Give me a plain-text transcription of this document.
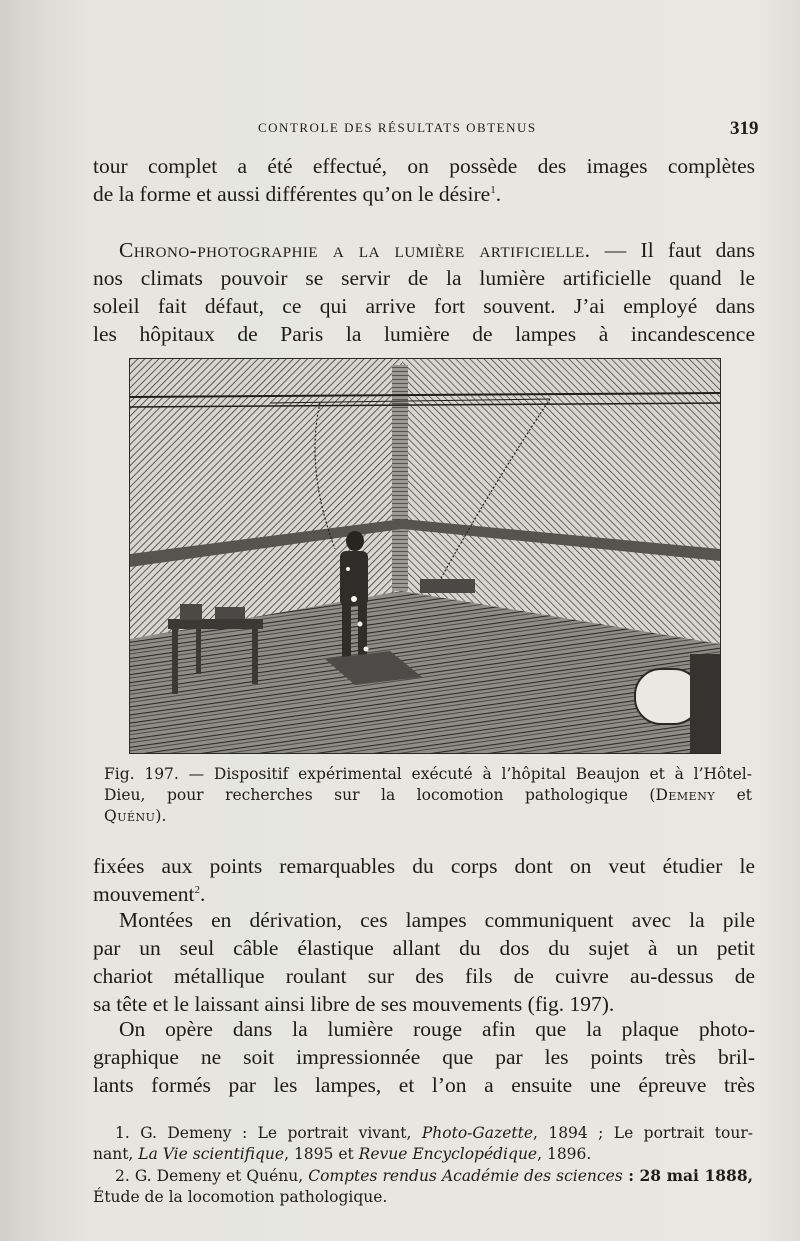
CONTROLE DES RÉSULTATS OBTENUS	319
tour complet a été effectué, on possède des images complètes
de la forme et aussi différentes qu’on le désire$^1$.
Chrono-photographie a la lumière artificielle. — Il faut dans
nos climats pouvoir se servir de la lumière artificielle quand le
soleil fait défaut, ce qui arrive fort souvent. J’ai employé dans
les hôpitaux de Paris la lumière de lampes à incandescence
Fig. 197. — Dispositif expérimental exécuté à l’hôpital Beaujon et à l’Hôtel-
Dieu, pour recherches sur la locomotion pathologique (Demeny et
Quénu).
fixées aux points remarquables du corps dont on veut étudier le
mouvement$^2$.
Montées en dérivation, ces lampes communiquent avec la pile
par un seul câble élastique allant du dos du sujet à un petit
chariot métallique roulant sur des fils de cuivre au-dessus de
sa tête et le laissant ainsi libre de ses mouvements (fig. 197).
On opère dans la lumière rouge afin que la plaque photo-
graphique ne soit impressionnée que par les points très bril-
lants formés par les lampes, et l’on a ensuite une épreuve très
1. G. Demeny : Le portrait vivant, Photo-Gazette, 1894 ; Le portrait tour-
nant, La Vie scientifique, 1895 et Revue Encyclopédique, 1896.
2. G. Demeny et Quénu, Comptes rendus Académie des sciences : 28 mai 1888,
Étude de la locomotion pathologique.
